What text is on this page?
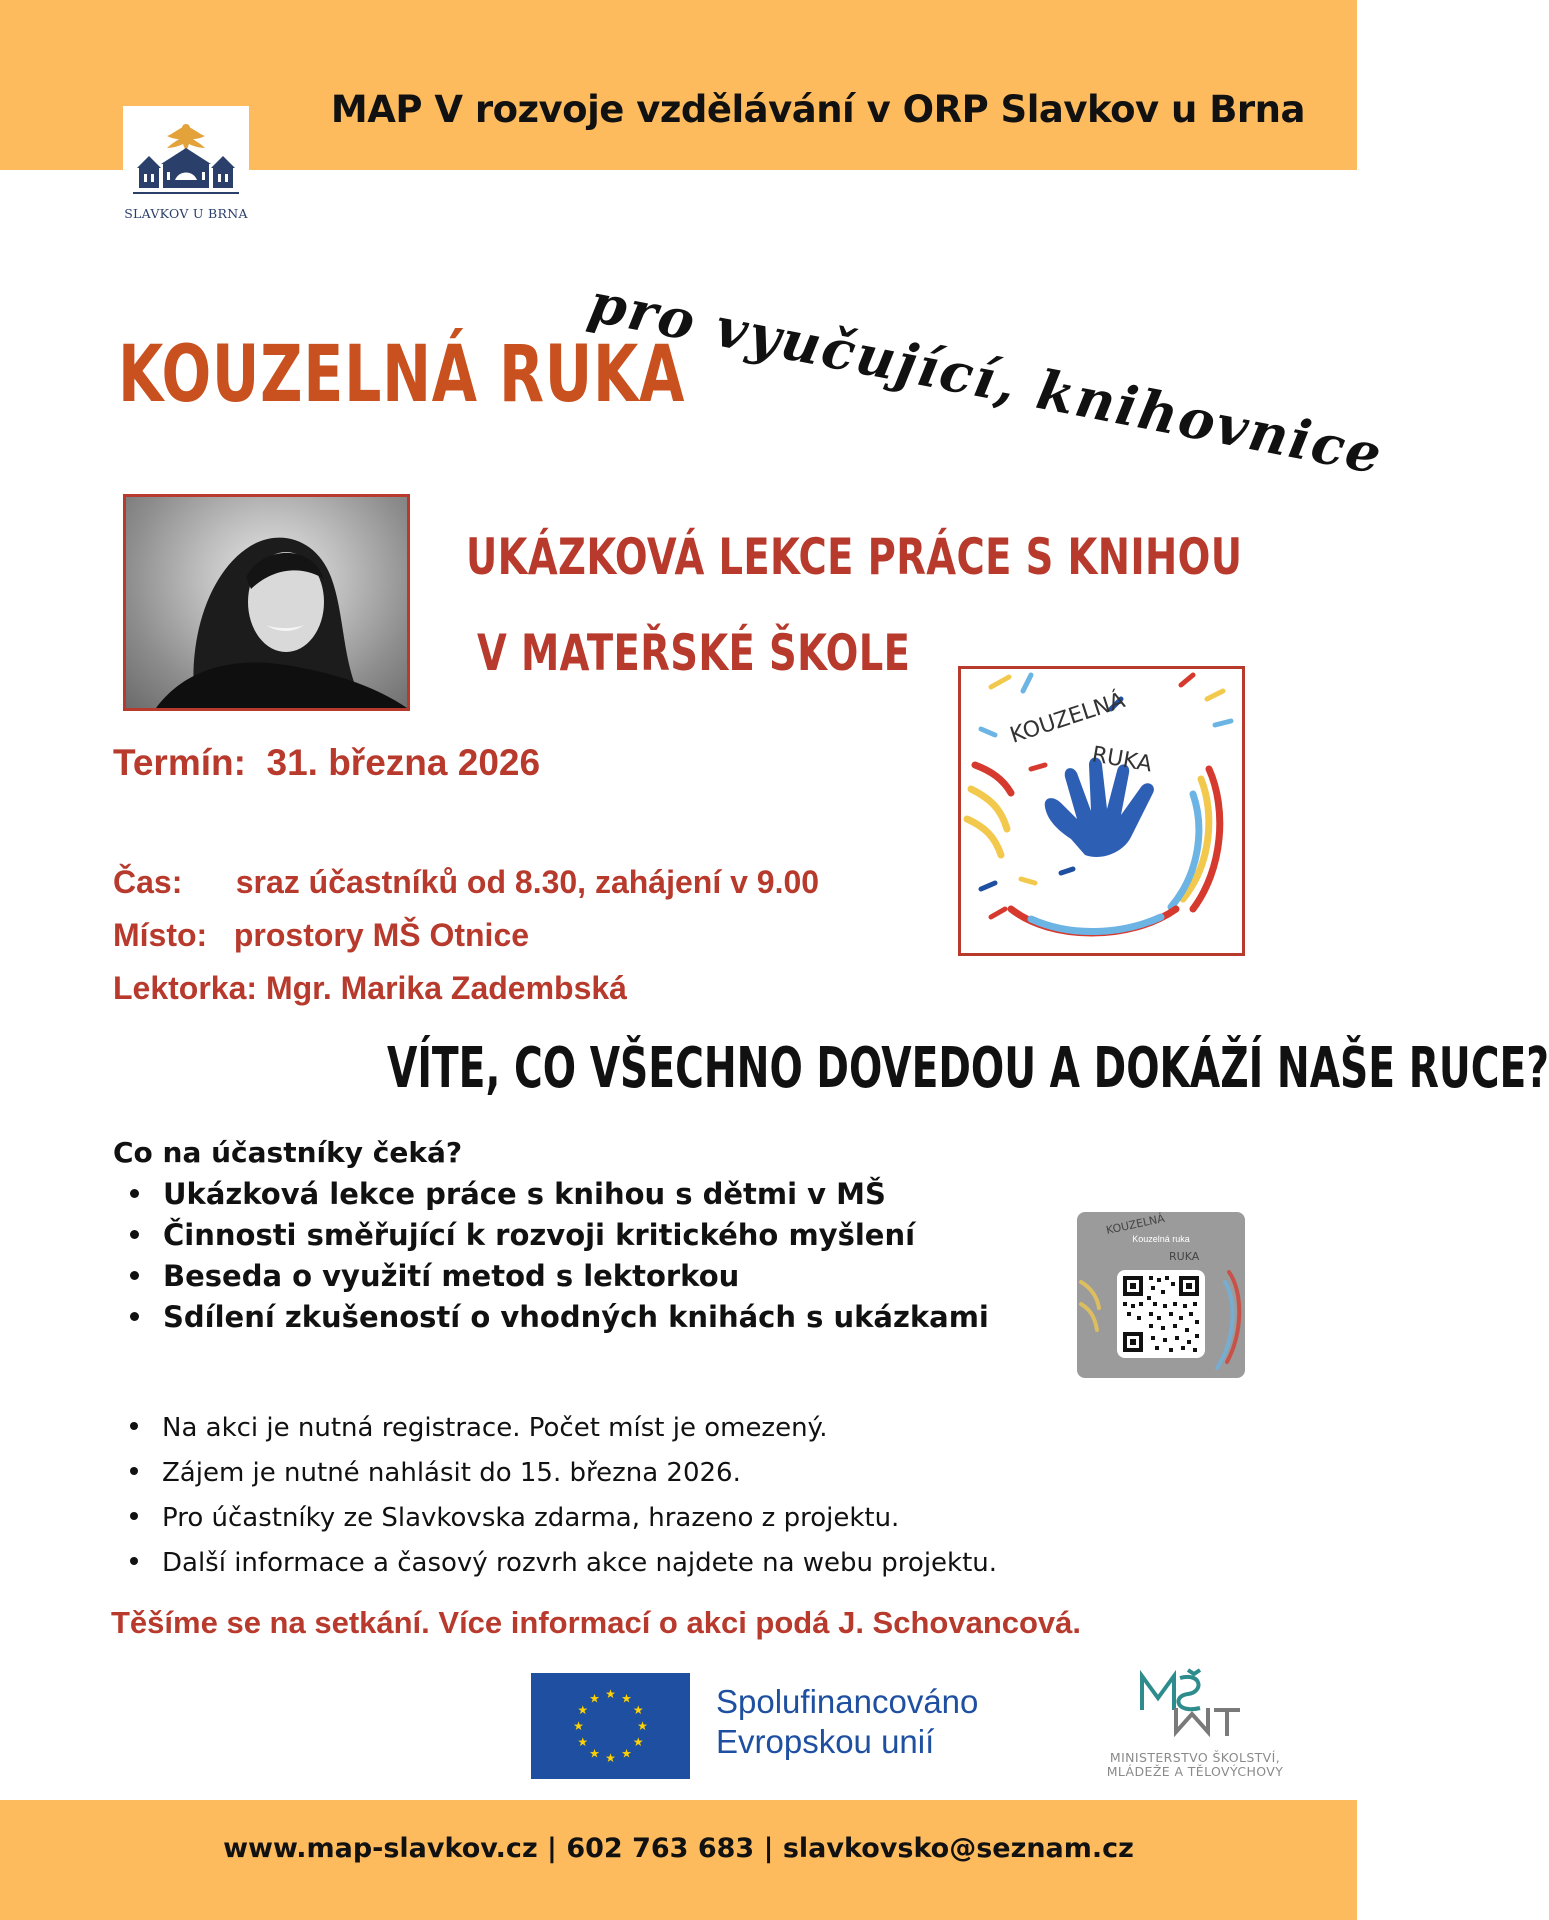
MAP V rozvoje vzdělávání v ORP Slavkov u Brna
SLAVKOV U BRNA
KOUZELNÁ RUKA
pro vyučující, knihovnice
UKÁZKOVÁ LEKCE PRÁCE S KNIHOU
V MATEŘSKÉ ŠKOLE
KOUZELNÁ
RUKA
Termín:  31. března 2026
Čas:      sraz účastníků od 8.30, zahájení v 9.00
Místo:   prostory MŠ Otnice
Lektorka: Mgr. Marika Zadembská
VÍTE, CO VŠECHNO DOVEDOU A DOKÁŽÍ NAŠE RUCE?
Co na účastníky čeká?
Ukázková lekce práce s knihou s dětmi v MŠ
Činnosti směřující k rozvoji kritického myšlení
Beseda o využití metod s lektorkou
Sdílení zkušeností o vhodných knihách s ukázkami
KOUZELNÁ
RUKA
Kouzelná ruka
Na akci je nutná registrace. Počet míst je omezený.
Zájem je nutné nahlásit do 15. března 2026.
Pro účastníky ze Slavkovska zdarma, hrazeno z projektu.
Další informace a časový rozvrh akce najdete na webu projektu.
Těšíme se na setkání. Více informací o akci podá J. Schovancová.
★ ★
★
★
★
★
★
★
★
★
★
★	Spolufinancováno
Evropskou unií	MINISTERSTVO ŠKOLSTVÍ,
MLÁDEŽE A TĚLOVÝCHOVY
www.map-slavkov.cz | 602 763 683 | slavkovsko@seznam.cz
